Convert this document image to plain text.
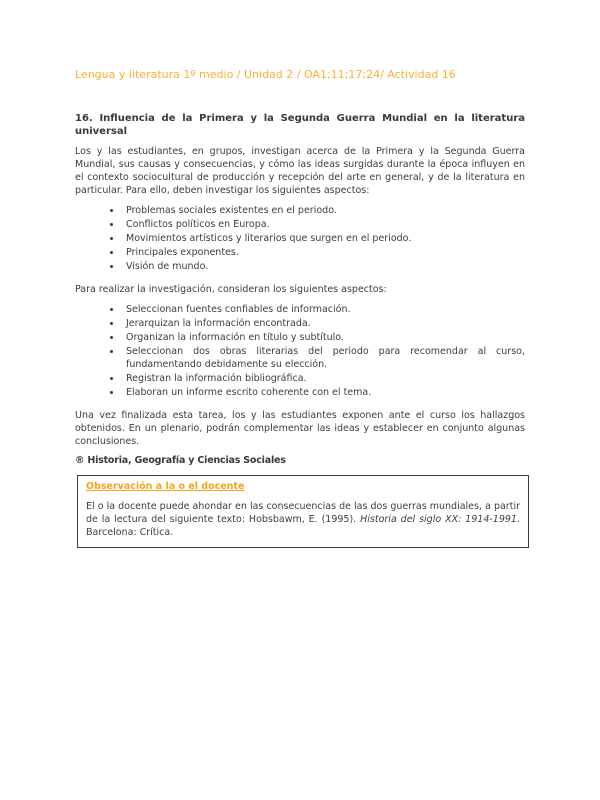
Lengua y literatura 1º medio / Unidad 2 / OA1;11;17;24/ Actividad 16
16. Influencia de la Primera y la Segunda Guerra Mundial en la literatura universal

Los y las estudiantes, en grupos, investigan acerca de la Primera y la Segunda Guerra Mundial, sus causas y consecuencias, y cómo las ideas surgidas durante la época influyen en el contexto sociocultural de producción y recepción del arte en general, y de la literatura en particular. Para ello, deben investigar los siguientes aspectos:

• Problemas sociales existentes en el periodo.
• Conflictos políticos en Europa.
• Movimientos artísticos y literarios que surgen en el periodo.
• Principales exponentes.
• Visión de mundo.

Para realizar la investigación, consideran los siguientes aspectos:

• Seleccionan fuentes confiables de información.
• Jerarquizan la información encontrada.
• Organizan la información en título y subtítulo.
• Seleccionan dos obras literarias del periodo para recomendar al curso, fundamentando debidamente su elección.
• Registran la información bibliográfica.
• Elaboran un informe escrito coherente con el tema.

Una vez finalizada esta tarea, los y las estudiantes exponen ante el curso los hallazgos obtenidos. En un plenario, podrán complementar las ideas y establecer en conjunto algunas conclusiones.

® Historia, Geografía y Ciencias Sociales
Observación a la o el docente

El o la docente puede ahondar en las consecuencias de las dos guerras mundiales, a partir de la lectura del siguiente texto: Hobsbawm, E. (1995). Historia del siglo XX: 1914-1991. Barcelona: Crítica.
